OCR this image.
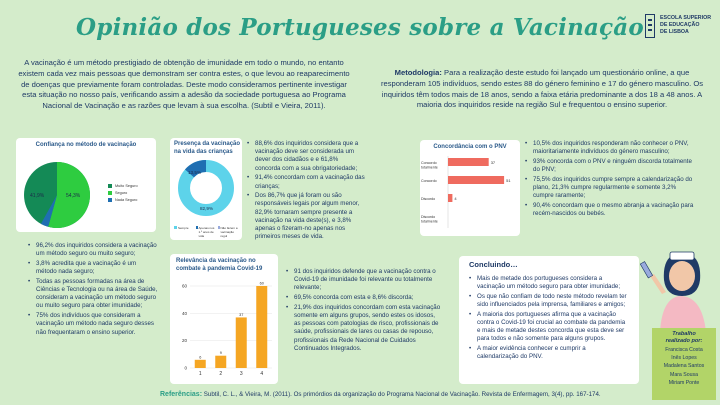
Opinião dos Portugueses sobre a Vacinação	ESCOLA SUPERIOR
DE EDUCAÇÃO
DE LISBOA
A vacinação é um método prestigiado de obtenção de imunidade em todo o mundo, no entanto existem cada vez mais pessoas que demonstram ser contra estes, o que levou ao reaparecimento de doenças que previamente foram controladas. Deste modo consideramos pertinente investigar esta situação no nosso país, verificando assim a adesão da sociedade portuguesa ao Programa Nacional de Vacinação e as razões que levam à sua escolha. (Subtil e Vieira, 2011).
Metodologia: Para a realização deste estudo foi lançado um questionário online, a que responderam 105 indivíduos, sendo estes 88 do género feminino e 17 do género masculino. Os inquiridos têm todos mais de 18 anos, sendo a faixa etária predominante a dos 18 a 48 anos. A maioria dos inquiridos reside na região Sul e frequentou o ensino superior.
Confiança no método de vacinação
41,9%	54,3%
Muito Seguro
Seguro
Nada Seguro
• 96,2% dos inquiridos considera a vacinação um método seguro ou muito seguro;
• 3,8% acredita que a vacinação é um método nada seguro;
• Todas as pessoas formadas na área de Ciências e Tecnologia ou na área de Saúde, consideram a vacinação um método seguro ou muito seguro para obter imunidade;
• 75% dos indivíduos que consideram a vacinação um método nada seguro desses não frequentaram o ensino superior.
Presença da vacinação na vida das crianças
13,5%
82,9%
Sempre	Apenas nos 1.º anos de vida
Não fazem a vacinação regul
• 88,6% dos inquiridos considera que a vacinação deve ser considerada um dever dos cidadãos e e 61,8% concorda com a sua obrigatoriedade;
• 91,4% concordam com a vacinação das crianças;
• Dos 86,7% que já foram ou são responsáveis legais por algum menor, 82,9% tornaram sempre presente a vacinação na vida deste(s), e 3,8% apenas o fizeram-no apenas nos primeiros meses de vida.
Concordância com o PNV
Concordo totalmente
37
Concordo	51
Discordo	4
Discordo totalmente
• 10,5% dos inquiridos responderam não conhecer o PNV, maioritariamente indivíduos do género masculino;
• 93% concorda com o PNV e ninguém discorda totalmente do PNV;
• 75,5% dos inquiridos cumpre sempre a calendarização do plano, 21,3% cumpre regularmente e somente 3,2% cumpre raramente;
• 90,4% concordam que o mesmo abranja a vacinação para recém-nascidos ou bebés.
Relevância da vacinação no combate à pandemia Covid-19
0
20
40
60
6
1
9
2
37
3
60
4
• 91 dos inquiridos defende que a vacinação contra o Covid-19 de imunidade foi relevante ou totalmente relevante;
• 69,5% concorda com esta e 8,6% discorda;
• 21,9% dos inquiridos concordam com esta vacinação somente em alguns grupos, sendo estes os idosos, as pessoas com patologias de risco, profissionais de saúde, profissionais de lares ou casas de repouso, profissionais da Rede Nacional de Cuidados Continuados Integrados.
Concluindo…
• Mais de metade dos portugueses considera a vacinação um método seguro para obter imunidade;
• Os que não confiam de todo neste método revelam ter sido influenciados pela imprensa, familiares e amigos;
• A maioria dos portugueses afirma que a vacinação contra o Covid-19 foi crucial ao combate da pandemia e mais de metade destes concorda que esta deve ser para todos e não somente para alguns grupos.
• A maior evidência conhecer e cumprir a calendarização do PNV.
Trabalho
realizado por:
Francisca Costa
Inês Lopes
Madalena Santos
Mara Sousa
Miriam Ponte
Referências: Subtil, C. L., & Vieira, M. (2011). Os primórdios da organização do Programa Nacional de Vacinação. Revista de Enfermagem, 3(4), pp. 167-174.
